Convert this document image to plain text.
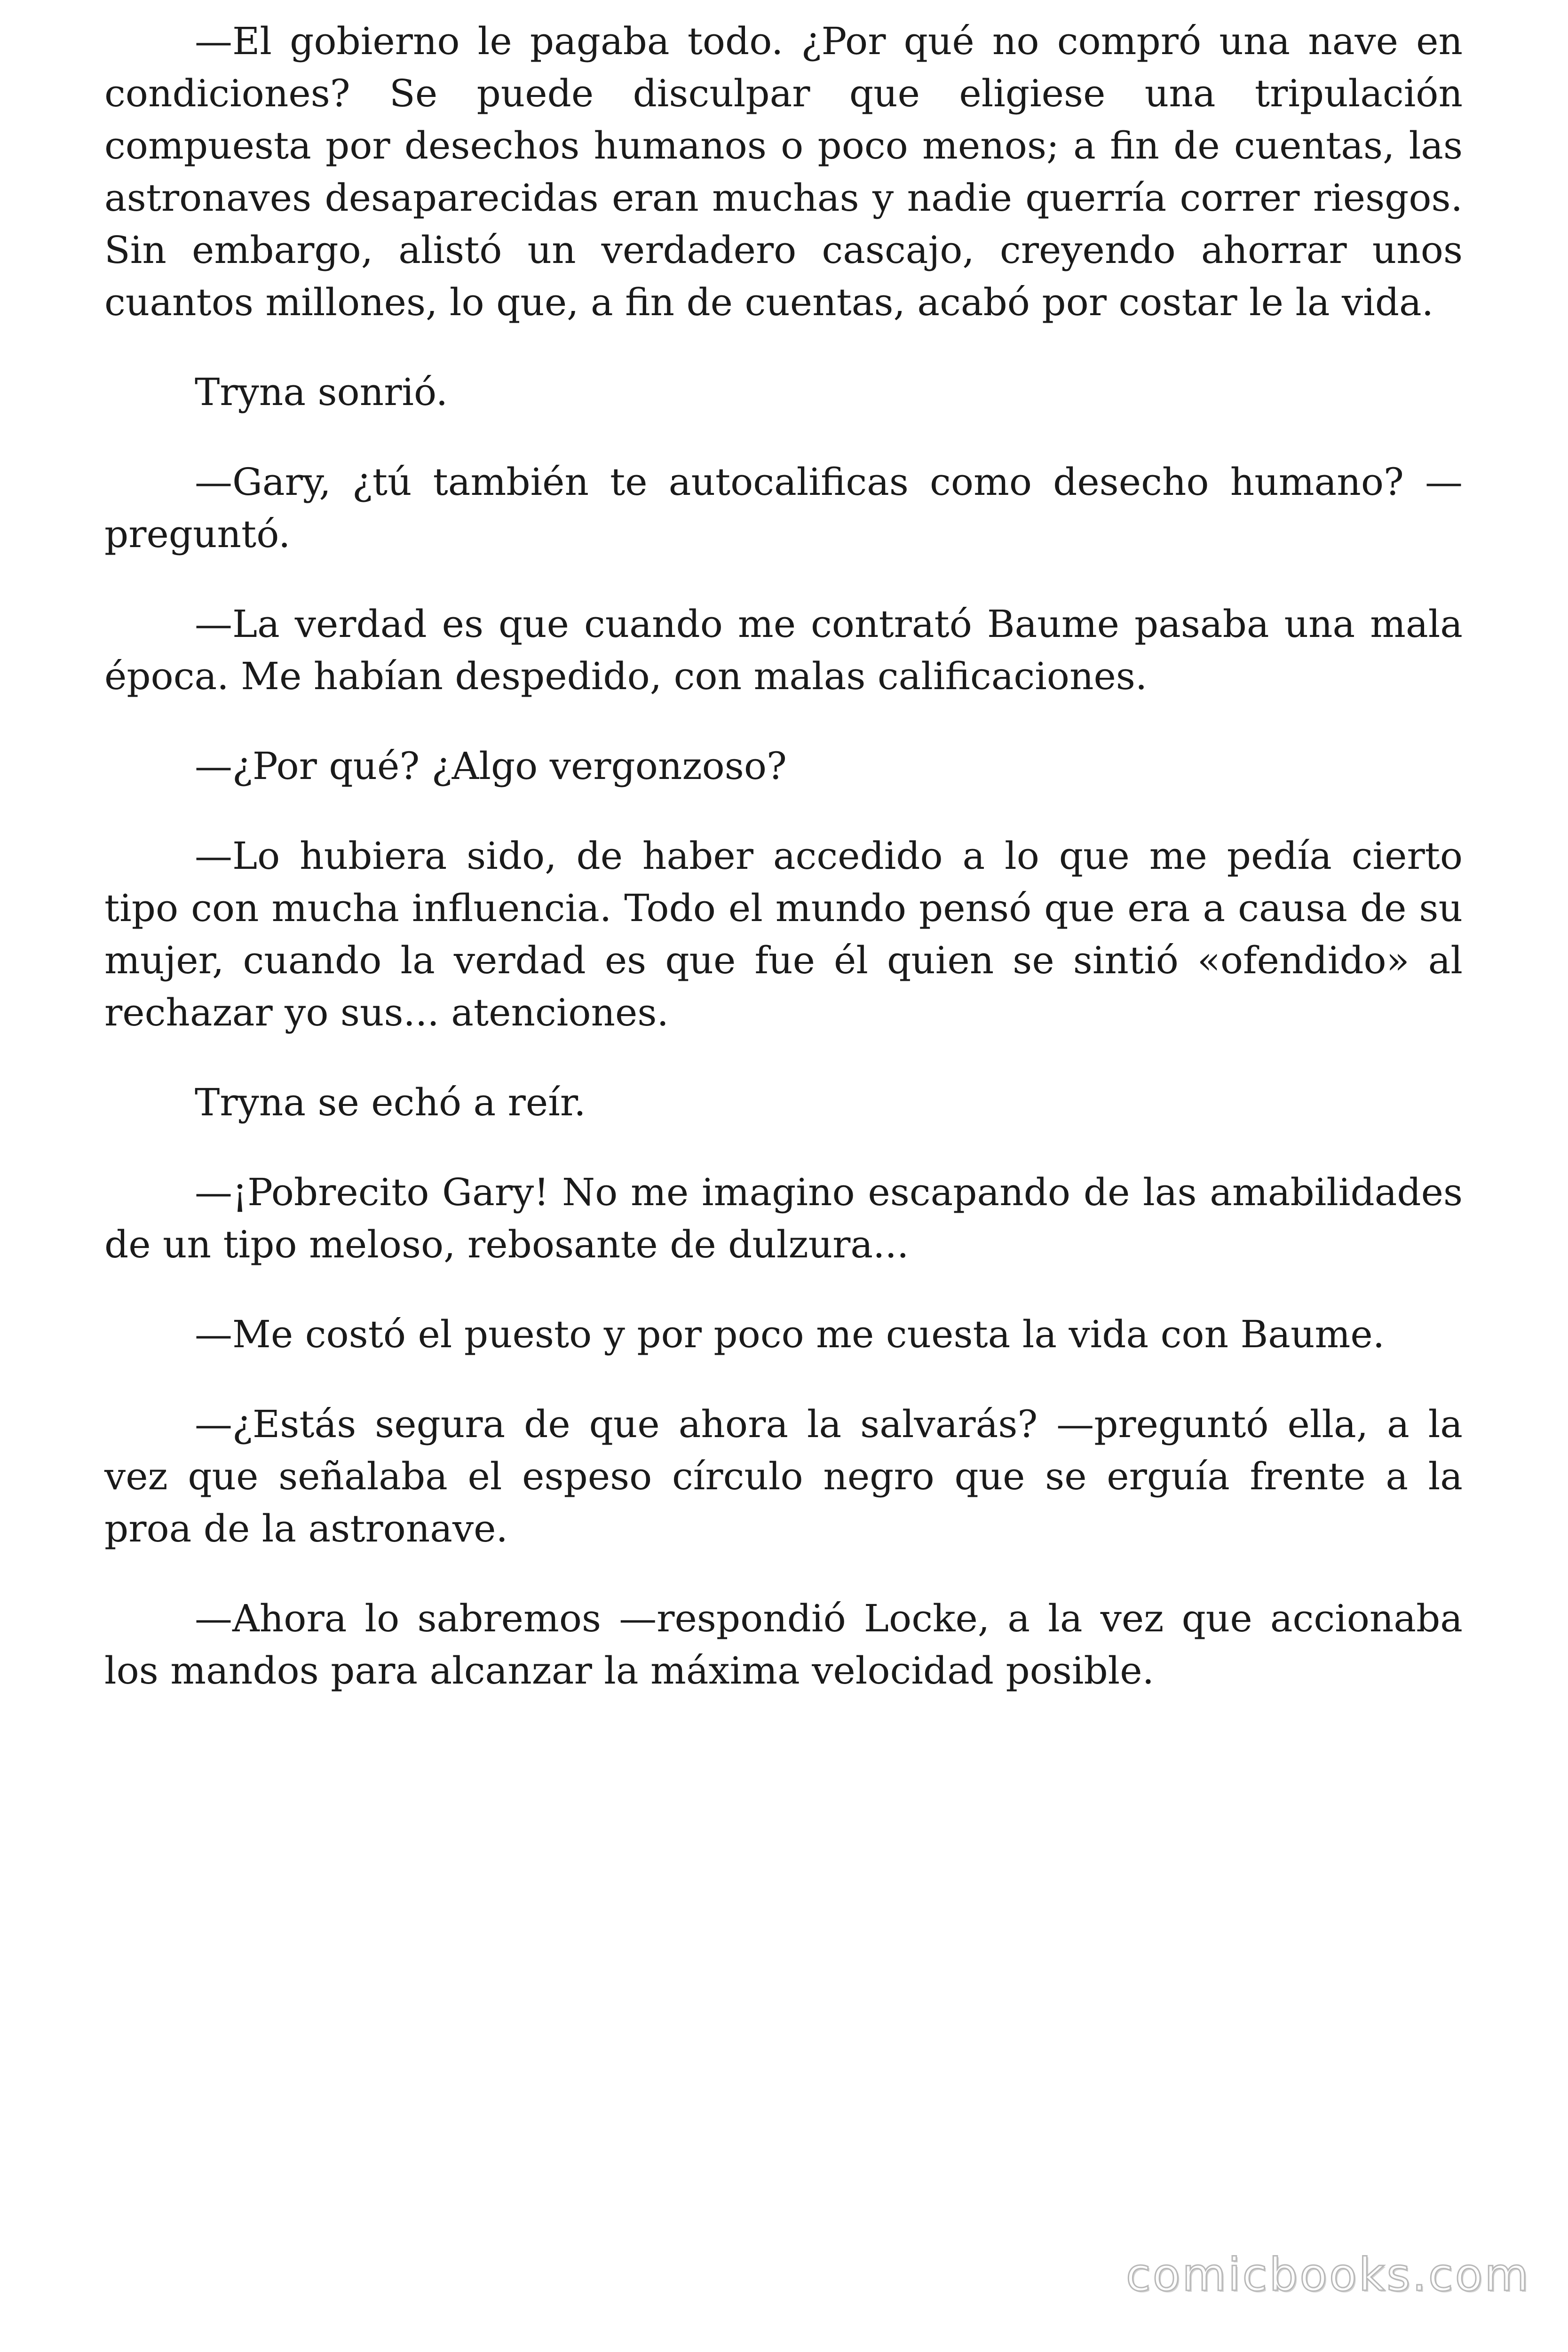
—El gobierno le pagaba todo. ¿Por qué no compró una nave en condiciones? Se puede disculpar que eligiese una tripulación compuesta por desechos humanos o poco menos; a fin de cuentas, las astronaves desaparecidas eran muchas y nadie querría correr riesgos. Sin embargo, alistó un verdadero cascajo, creyendo ahorrar unos cuantos millones, lo que, a fin de cuentas, acabó por costar le la vida.

Tryna sonrió.

—Gary, ¿tú también te autocalificas como desecho humano? —preguntó.

—La verdad es que cuando me contrató Baume pasaba una mala época. Me habían despedido, con malas calificaciones.

—¿Por qué? ¿Algo vergonzoso?

—Lo hubiera sido, de haber accedido a lo que me pedía cierto tipo con mucha influencia. Todo el mundo pensó que era a causa de su mujer, cuando la verdad es que fue él quien se sintió «ofendido» al rechazar yo sus... atenciones.

Tryna se echó a reír.

—¡Pobrecito Gary! No me imagino escapando de las amabilidades de un tipo meloso, rebosante de dulzura...

—Me costó el puesto y por poco me cuesta la vida con Baume.

—¿Estás segura de que ahora la salvarás? —preguntó ella, a la vez que señalaba el espeso círculo negro que se erguía frente a la proa de la astronave.

—Ahora lo sabremos —respondió Locke, a la vez que accionaba los mandos para alcanzar la máxima velocidad posible.

comicbooks.com
